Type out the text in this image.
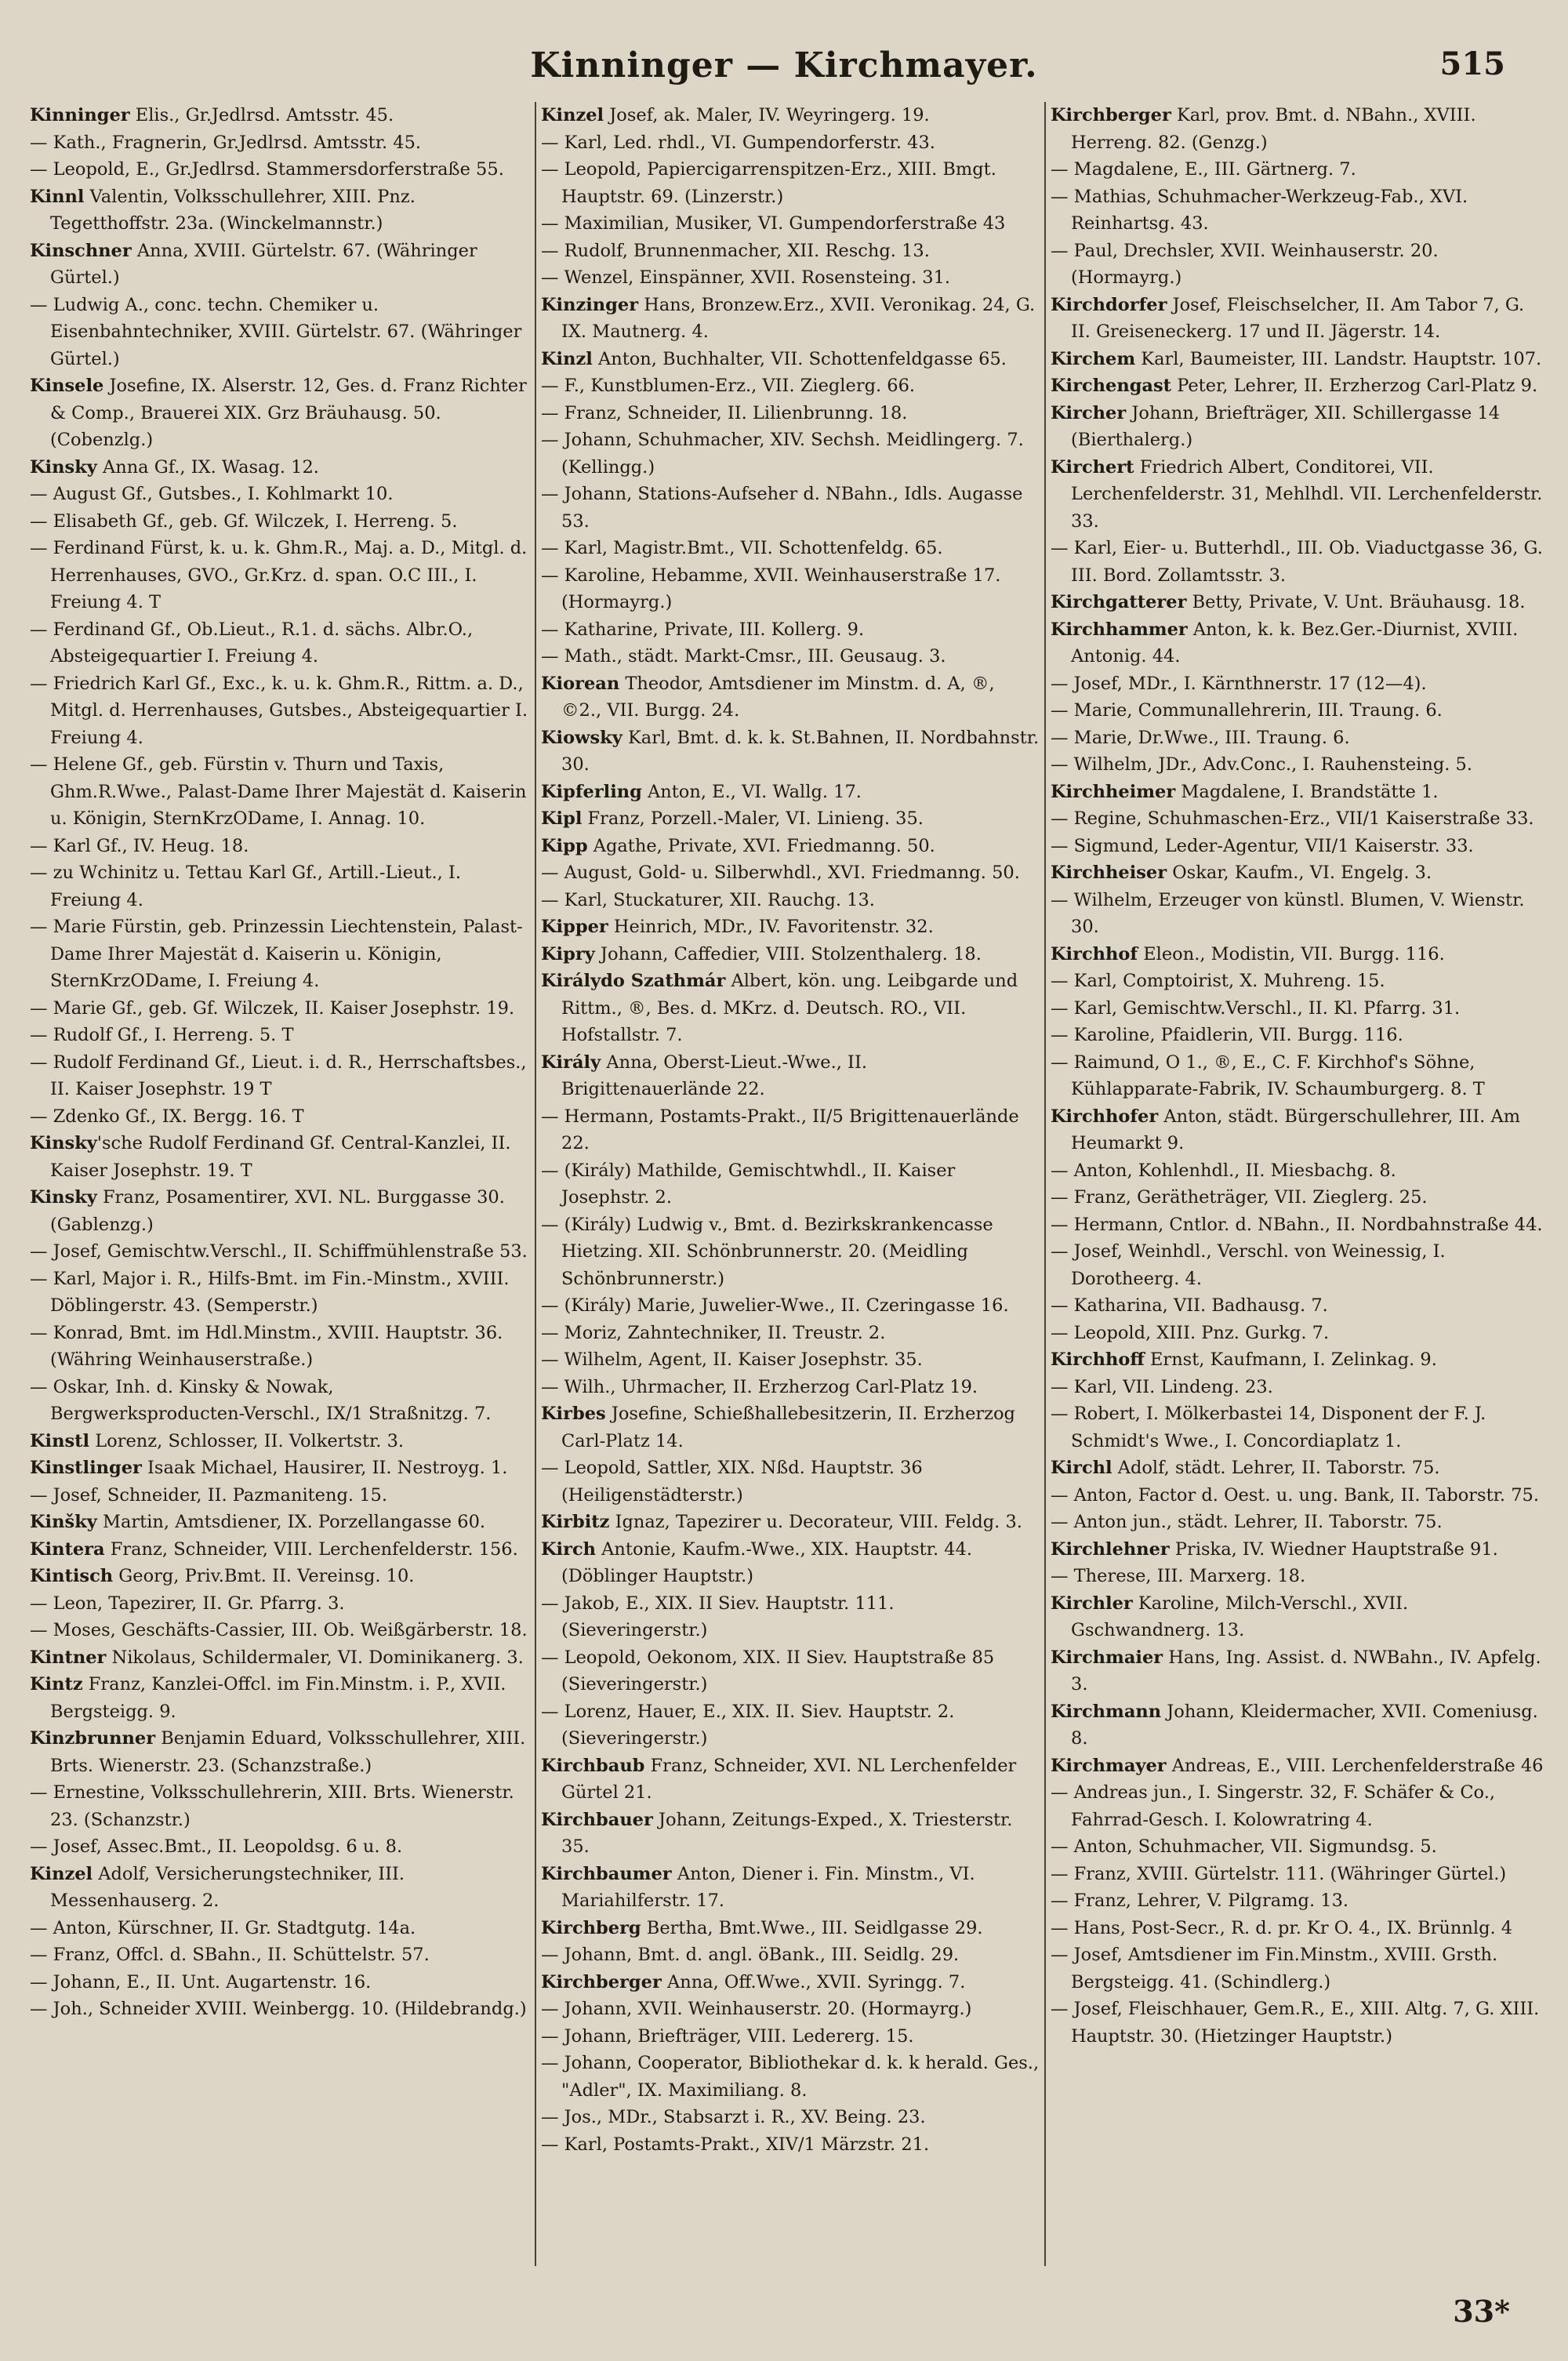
Kinninger — Kirchmayer.	515

Kinninger Elis., Gr.Jedlrsd. Amtsstr. 45.

— Kath., Fragnerin, Gr.Jedlrsd. Amtsstr. 45.

— Leopold, E., Gr.Jedlrsd. Stammersdorferstraße 55.

Kinnl Valentin, Volksschullehrer, XIII. Pnz. Tegetthoffstr. 23a. (Winckelmannstr.)

Kinschner Anna, XVIII. Gürtelstr. 67. (Währinger Gürtel.)

— Ludwig A., conc. techn. Chemiker u. Eisenbahntechniker, XVIII. Gürtelstr. 67. (Währinger Gürtel.)

Kinsele Josefine, IX. Alserstr. 12, Ges. d. Franz Richter & Comp., Brauerei XIX. Grz Bräuhausg. 50. (Cobenzlg.)

Kinsky Anna Gf., IX. Wasag. 12.

— August Gf., Gutsbes., I. Kohlmarkt 10.

— Elisabeth Gf., geb. Gf. Wilczek, I. Herreng. 5.

— Ferdinand Fürst, k. u. k. Ghm.R., Maj. a. D., Mitgl. d. Herrenhauses, GVO., Gr.Krz. d. span. O.C III., I. Freiung 4. T

— Ferdinand Gf., Ob.Lieut., R.1. d. sächs. Albr.O., Absteigequartier I. Freiung 4.

— Friedrich Karl Gf., Exc., k. u. k. Ghm.R., Rittm. a. D., Mitgl. d. Herrenhauses, Gutsbes., Absteigequartier I. Freiung 4.

— Helene Gf., geb. Fürstin v. Thurn und Taxis, Ghm.R.Wwe., Palast-Dame Ihrer Majestät d. Kaiserin u. Königin, SternKrzODame, I. Annag. 10.

— Karl Gf., IV. Heug. 18.

— zu Wchinitz u. Tettau Karl Gf., Artill.-Lieut., I. Freiung 4.

— Marie Fürstin, geb. Prinzessin Liechtenstein, Palast-Dame Ihrer Majestät d. Kaiserin u. Königin, SternKrzODame, I. Freiung 4.

— Marie Gf., geb. Gf. Wilczek, II. Kaiser Josephstr. 19.

— Rudolf Gf., I. Herreng. 5. T

— Rudolf Ferdinand Gf., Lieut. i. d. R., Herrschaftsbes., II. Kaiser Josephstr. 19 T

— Zdenko Gf., IX. Bergg. 16. T

Kinsky'sche Rudolf Ferdinand Gf. Central-Kanzlei, II. Kaiser Josephstr. 19. T

Kinsky Franz, Posamentirer, XVI. NL. Burggasse 30. (Gablenzg.)

— Josef, Gemischtw.Verschl., II. Schiffmühlenstraße 53.

— Karl, Major i. R., Hilfs-Bmt. im Fin.-Minstm., XVIII. Döblingerstr. 43. (Semperstr.)

— Konrad, Bmt. im Hdl.Minstm., XVIII. Hauptstr. 36. (Währing Weinhauserstraße.)

— Oskar, Inh. d. Kinsky & Nowak, Bergwerksproducten-Verschl., IX/1 Straßnitzg. 7.

Kinstl Lorenz, Schlosser, II. Volkertstr. 3.

Kinstlinger Isaak Michael, Hausirer, II. Nestroyg. 1.

— Josef, Schneider, II. Pazmaniteng. 15.

Kinšky Martin, Amtsdiener, IX. Porzellangasse 60.

Kintera Franz, Schneider, VIII. Lerchenfelderstr. 156.

Kintisch Georg, Priv.Bmt. II. Vereinsg. 10.

— Leon, Tapezirer, II. Gr. Pfarrg. 3.

— Moses, Geschäfts-Cassier, III. Ob. Weißgärberstr. 18.

Kintner Nikolaus, Schildermaler, VI. Dominikanerg. 3.

Kintz Franz, Kanzlei-Offcl. im Fin.Minstm. i. P., XVII. Bergsteigg. 9.

Kinzbrunner Benjamin Eduard, Volksschullehrer, XIII. Brts. Wienerstr. 23. (Schanzstraße.)

— Ernestine, Volksschullehrerin, XIII. Brts. Wienerstr. 23. (Schanzstr.)

— Josef, Assec.Bmt., II. Leopoldsg. 6 u. 8.

Kinzel Adolf, Versicherungstechniker, III. Messenhauserg. 2.

— Anton, Kürschner, II. Gr. Stadtgutg. 14a.

— Franz, Offcl. d. SBahn., II. Schüttelstr. 57.

— Johann, E., II. Unt. Augartenstr. 16.

— Joh., Schneider XVIII. Weinbergg. 10. (Hildebrandg.)

Kinzel Josef, ak. Maler, IV. Weyringerg. 19.

— Karl, Led. rhdl., VI. Gumpendorferstr. 43.

— Leopold, Papiercigarrenspitzen-Erz., XIII. Bmgt. Hauptstr. 69. (Linzerstr.)

— Maximilian, Musiker, VI. Gumpendorferstraße 43

— Rudolf, Brunnenmacher, XII. Reschg. 13.

— Wenzel, Einspänner, XVII. Rosensteing. 31.

Kinzinger Hans, Bronzew.Erz., XVII. Veronikag. 24, G. IX. Mautnerg. 4.

Kinzl Anton, Buchhalter, VII. Schottenfeldgasse 65.

— F., Kunstblumen-Erz., VII. Zieglerg. 66.

— Franz, Schneider, II. Lilienbrunng. 18.

— Johann, Schuhmacher, XIV. Sechsh. Meidlingerg. 7. (Kellingg.)

— Johann, Stations-Aufseher d. NBahn., Idls. Augasse 53.

— Karl, Magistr.Bmt., VII. Schottenfeldg. 65.

— Karoline, Hebamme, XVII. Weinhauserstraße 17. (Hormayrg.)

— Katharine, Private, III. Kollerg. 9.

— Math., städt. Markt-Cmsr., III. Geusaug. 3.

Kiorean Theodor, Amtsdiener im Minstm. d. A, ®, ©2., VII. Burgg. 24.

Kiowsky Karl, Bmt. d. k. k. St.Bahnen, II. Nordbahnstr. 30.

Kipferling Anton, E., VI. Wallg. 17.

Kipl Franz, Porzell.-Maler, VI. Linieng. 35.

Kipp Agathe, Private, XVI. Friedmanng. 50.

— August, Gold- u. Silberwhdl., XVI. Friedmanng. 50.

— Karl, Stuckaturer, XII. Rauchg. 13.

Kipper Heinrich, MDr., IV. Favoritenstr. 32.

Kipry Johann, Caffedier, VIII. Stolzenthalerg. 18.

Királydo Szathmár Albert, kön. ung. Leibgarde und Rittm., ®, Bes. d. MKrz. d. Deutsch. RO., VII. Hofstallstr. 7.

Király Anna, Oberst-Lieut.-Wwe., II. Brigittenauerlände 22.

— Hermann, Postamts-Prakt., II/5 Brigittenauerlände 22.

— (Király) Mathilde, Gemischtwhdl., II. Kaiser Josephstr. 2.

— (Király) Ludwig v., Bmt. d. Bezirkskrankencasse Hietzing. XII. Schönbrunnerstr. 20. (Meidling Schönbrunnerstr.)

— (Király) Marie, Juwelier-Wwe., II. Czeringasse 16.

— Moriz, Zahntechniker, II. Treustr. 2.

— Wilhelm, Agent, II. Kaiser Josephstr. 35.

— Wilh., Uhrmacher, II. Erzherzog Carl-Platz 19.

Kirbes Josefine, Schießhallebesitzerin, II. Erzherzog Carl-Platz 14.

— Leopold, Sattler, XIX. Nßd. Hauptstr. 36 (Heiligenstädterstr.)

Kirbitz Ignaz, Tapezirer u. Decorateur, VIII. Feldg. 3.

Kirch Antonie, Kaufm.-Wwe., XIX. Hauptstr. 44. (Döblinger Hauptstr.)

— Jakob, E., XIX. II Siev. Hauptstr. 111. (Sieveringerstr.)

— Leopold, Oekonom, XIX. II Siev. Hauptstraße 85 (Sieveringerstr.)

— Lorenz, Hauer, E., XIX. II. Siev. Hauptstr. 2. (Sieveringerstr.)

Kirchbaub Franz, Schneider, XVI. NL Lerchenfelder Gürtel 21.

Kirchbauer Johann, Zeitungs-Exped., X. Triesterstr. 35.

Kirchbaumer Anton, Diener i. Fin. Minstm., VI. Mariahilferstr. 17.

Kirchberg Bertha, Bmt.Wwe., III. Seidlgasse 29.

— Johann, Bmt. d. angl. öBank., III. Seidlg. 29.

Kirchberger Anna, Off.Wwe., XVII. Syringg. 7.

— Johann, XVII. Weinhauserstr. 20. (Hormayrg.)

— Johann, Briefträger, VIII. Ledererg. 15.

— Johann, Cooperator, Bibliothekar d. k. k herald. Ges., "Adler", IX. Maximiliang. 8.

— Jos., MDr., Stabsarzt i. R., XV. Being. 23.

— Karl, Postamts-Prakt., XIV/1 Märzstr. 21.

Kirchberger Karl, prov. Bmt. d. NBahn., XVIII. Herreng. 82. (Genzg.)

— Magdalene, E., III. Gärtnerg. 7.

— Mathias, Schuhmacher-Werkzeug-Fab., XVI. Reinhartsg. 43.

— Paul, Drechsler, XVII. Weinhauserstr. 20. (Hormayrg.)

Kirchdorfer Josef, Fleischselcher, II. Am Tabor 7, G. II. Greiseneckerg. 17 und II. Jägerstr. 14.

Kirchem Karl, Baumeister, III. Landstr. Hauptstr. 107.

Kirchengast Peter, Lehrer, II. Erzherzog Carl-Platz 9.

Kircher Johann, Briefträger, XII. Schillergasse 14 (Bierthalerg.)

Kirchert Friedrich Albert, Conditorei, VII. Lerchenfelderstr. 31, Mehlhdl. VII. Lerchenfelderstr. 33.

— Karl, Eier- u. Butterhdl., III. Ob. Viaductgasse 36, G. III. Bord. Zollamtsstr. 3.

Kirchgatterer Betty, Private, V. Unt. Bräuhausg. 18.

Kirchhammer Anton, k. k. Bez.Ger.-Diurnist, XVIII. Antonig. 44.

— Josef, MDr., I. Kärnthnerstr. 17 (12—4).

— Marie, Communallehrerin, III. Traung. 6.

— Marie, Dr.Wwe., III. Traung. 6.

— Wilhelm, JDr., Adv.Conc., I. Rauhensteing. 5.

Kirchheimer Magdalene, I. Brandstätte 1.

— Regine, Schuhmaschen-Erz., VII/1 Kaiserstraße 33.

— Sigmund, Leder-Agentur, VII/1 Kaiserstr. 33.

Kirchheiser Oskar, Kaufm., VI. Engelg. 3.

— Wilhelm, Erzeuger von künstl. Blumen, V. Wienstr. 30.

Kirchhof Eleon., Modistin, VII. Burgg. 116.

— Karl, Comptoirist, X. Muhreng. 15.

— Karl, Gemischtw.Verschl., II. Kl. Pfarrg. 31.

— Karoline, Pfaidlerin, VII. Burgg. 116.

— Raimund, O 1., ®, E., C. F. Kirchhof's Söhne, Kühlapparate-Fabrik, IV. Schaumburgerg. 8. T

Kirchhofer Anton, städt. Bürgerschullehrer, III. Am Heumarkt 9.

— Anton, Kohlenhdl., II. Miesbachg. 8.

— Franz, Gerätheträger, VII. Zieglerg. 25.

— Hermann, Cntlor. d. NBahn., II. Nordbahnstraße 44.

— Josef, Weinhdl., Verschl. von Weinessig, I. Dorotheerg. 4.

— Katharina, VII. Badhausg. 7.

— Leopold, XIII. Pnz. Gurkg. 7.

Kirchhoff Ernst, Kaufmann, I. Zelinkag. 9.

— Karl, VII. Lindeng. 23.

— Robert, I. Mölkerbastei 14, Disponent der F. J. Schmidt's Wwe., I. Concordiaplatz 1.

Kirchl Adolf, städt. Lehrer, II. Taborstr. 75.

— Anton, Factor d. Oest. u. ung. Bank, II. Taborstr. 75.

— Anton jun., städt. Lehrer, II. Taborstr. 75.

Kirchlehner Priska, IV. Wiedner Hauptstraße 91.

— Therese, III. Marxerg. 18.

Kirchler Karoline, Milch-Verschl., XVII. Gschwandnerg. 13.

Kirchmaier Hans, Ing. Assist. d. NWBahn., IV. Apfelg. 3.

Kirchmann Johann, Kleidermacher, XVII. Comeniusg. 8.

Kirchmayer Andreas, E., VIII. Lerchenfelderstraße 46

— Andreas jun., I. Singerstr. 32, F. Schäfer & Co., Fahrrad-Gesch. I. Kolowratring 4.

— Anton, Schuhmacher, VII. Sigmundsg. 5.

— Franz, XVIII. Gürtelstr. 111. (Währinger Gürtel.)

— Franz, Lehrer, V. Pilgramg. 13.

— Hans, Post-Secr., R. d. pr. Kr O. 4., IX. Brünnlg. 4

— Josef, Amtsdiener im Fin.Minstm., XVIII. Grsth. Bergsteigg. 41. (Schindlerg.)

— Josef, Fleischhauer, Gem.R., E., XIII. Altg. 7, G. XIII. Hauptstr. 30. (Hietzinger Hauptstr.)

33*
